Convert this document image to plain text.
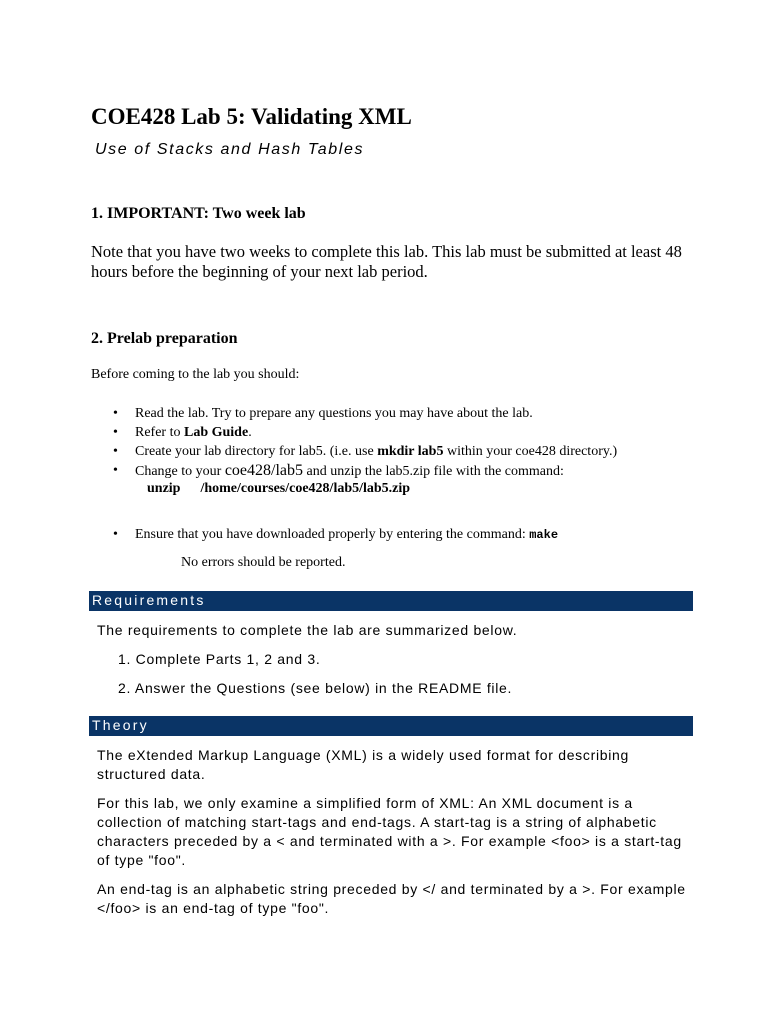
COE428 Lab 5: Validating XML
Use of Stacks and Hash Tables
1. IMPORTANT: Two week lab
Note that you have two weeks to complete this lab. This lab must be submitted at least 48 hours before the beginning of your next lab period.
2. Prelab preparation
Before coming to the lab you should:
• Read the lab. Try to prepare any questions you may have about the lab.
• Refer to Lab Guide.
• Create your lab directory for lab5. (i.e. use mkdir lab5 within your coe428 directory.)
• Change to your coe428/lab5 and unzip the lab5.zip file with the command:
unzip /home/courses/coe428/lab5/lab5.zip
• Ensure that you have downloaded properly by entering the command: make
No errors should be reported.
Requirements
The requirements to complete the lab are summarized below.
1. Complete Parts 1, 2 and 3.
2. Answer the Questions (see below) in the README file.
Theory
The eXtended Markup Language (XML) is a widely used format for describing structured data.
For this lab, we only examine a simplified form of XML: An XML document is a collection of matching start-tags and end-tags. A start-tag is a string of alphabetic characters preceded by a < and terminated with a >. For example <foo> is a start-tag of type "foo".
An end-tag is an alphabetic string preceded by </ and terminated by a >. For example </foo> is an end-tag of type "foo".
